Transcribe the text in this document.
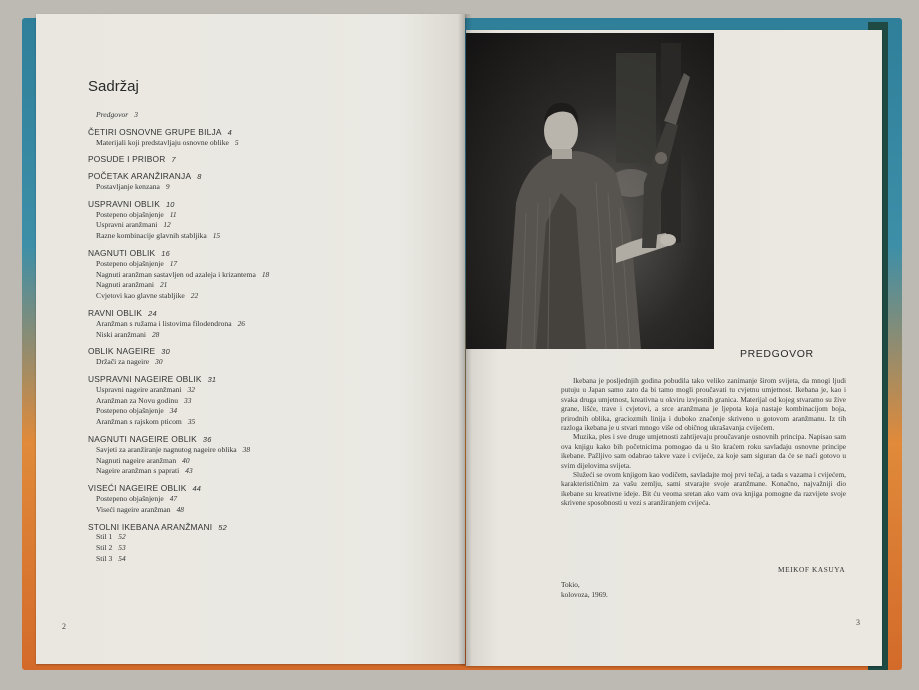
Sadržaj
Predgovor 3
ČETIRI OSNOVNE GRUPE BILJA 4
Materijali koji predstavljaju osnovne oblike 5
POSUDE I PRIBOR 7
POČETAK ARANŽIRANJA 8
Postavljanje kenzana 9
USPRAVNI OBLIK 10
Postepeno objašnjenje 11
Uspravni aranžmani 12
Razne kombinacije glavnih stabljika 15
NAGNUTI OBLIK 16
Postepeno objašnjenje 17
Nagnuti aranžman sastavljen od azaleja i krizantema 18
Nagnuti aranžmani 21
Cvjetovi kao glavne stabljike 22
RAVNI OBLIK 24
Aranžman s ružama i listovima filodendrona 26
Niski aranžmani 28
OBLIK NAGEIRE 30
Držači za nageire 30
USPRAVNI NAGEIRE OBLIK 31
Uspravni nageire aranžmani 32
Aranžman za Novu godinu 33
Postepeno objašnjenje 34
Aranžman s rajskom pticom 35
NAGNUTI NAGEIRE OBLIK 36
Savjeti za aranžiranje nagnutog nageire oblika 38
Nagnuti nageire aranžman 40
Nageire aranžman s paprati 43
VISEĆI NAGEIRE OBLIK 44
Postepeno objašnjenje 47
Viseći nageire aranžman 48
STOLNI IKEBANA ARANŽMANI 52
Stil 1 52
Stil 2 53
Stil 3 54
2
PREDGOVOR

Ikebana je posljednjih godina pobudila tako veliko zanimanje širom svijeta, da mnogi ljudi putuju u Japan samo zato da bi tamo mogli proučavati tu cvjetnu umjetnost. Ikebana je, kao i svaka druga umjetnost, kreativna u okviru izvjesnih granica. Materijal od kojeg stvaramo su žive grane, lišće, trave i cvjetovi, a srce aranžmana je ljepota koja nastaje kombinacijom boja, prirodnih oblika, graciozmih linija i duboko značenje skriveno u gotovom aranžmanu. Iz tih razloga ikebana je u stvari mnogo više od običnog ukrašavanja cvijećem.

Muzika, ples i sve druge umjetnosti zahtijevaju proučavanje osnovnih principa. Napisao sam ova knjigu kako bih početnicima pomogao da u što kraćem roku savladaju osnovne principe ikebane. Pažljivo sam odabrao takve vaze i cvijeće, za koje sam siguran da će se naći gotovo u svim dijelovima svijeta.

Služeći se ovom knjigom kao vodičem, savladajte moj prvi tečaj, a tada s vazama i cvijećem, karakterističnim za vašu zemlju, sami stvarajte svoje aranžmane. Konačno, najvažniji dio ikebane su kreativne ideje. Bit ću veoma sretan ako vam ova knjiga pomogne da razvijete svoje skrivene sposobnosti u vezi s aranžiranjem cvijeća.

MEIKOF KASUYA
Tokio,
kolovoza, 1969.
3
